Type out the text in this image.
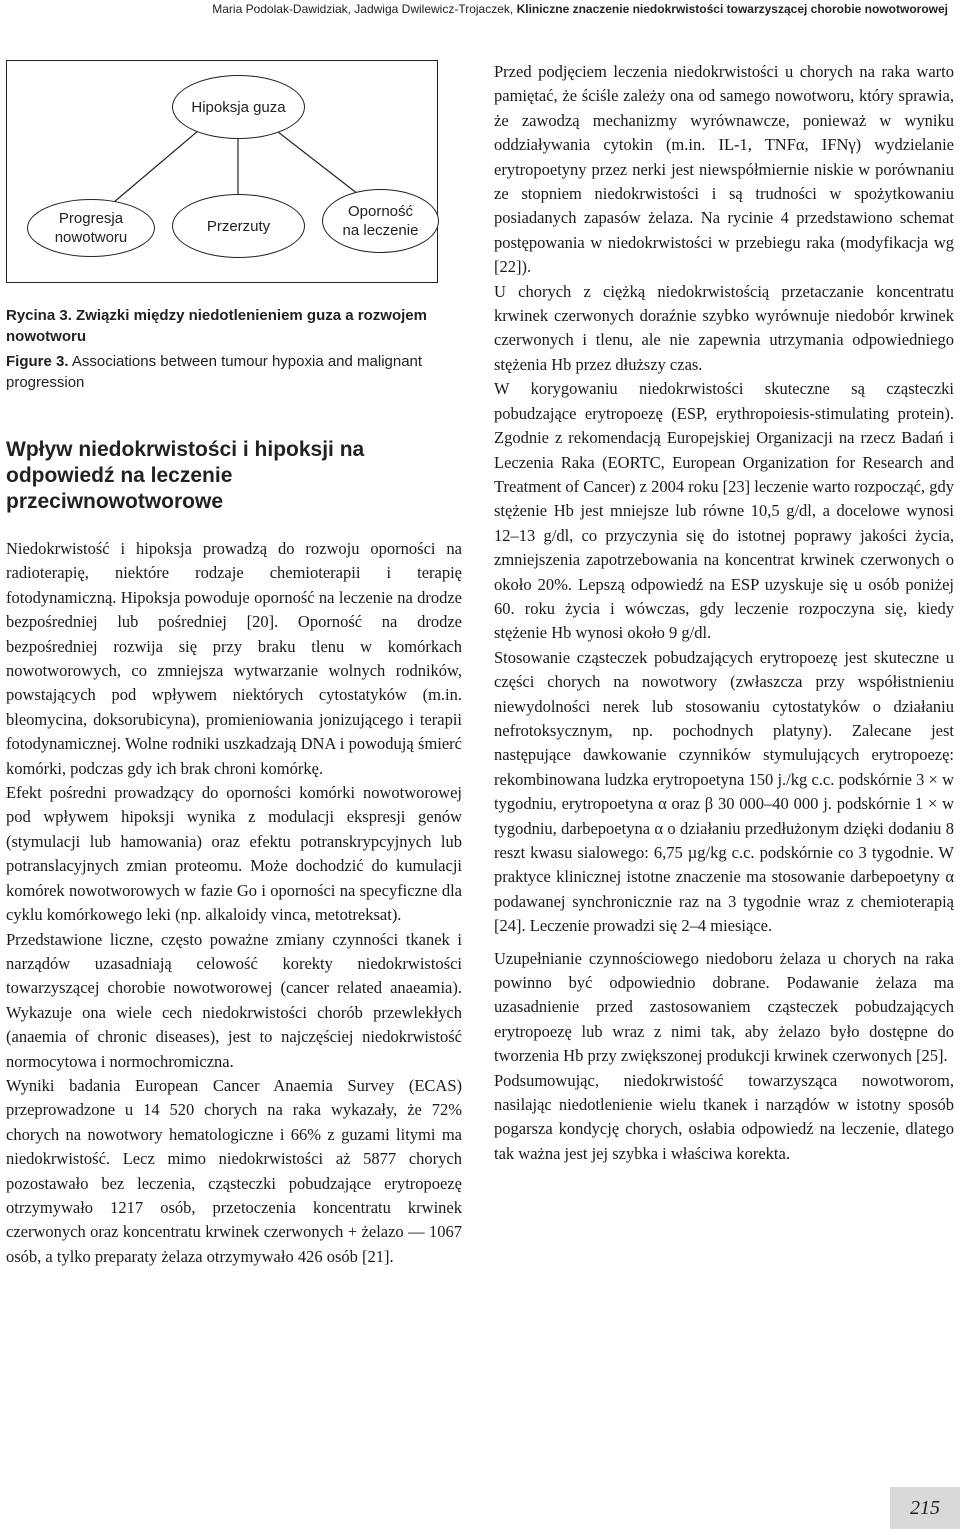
Maria Podolak-Dawidziak, Jadwiga Dwilewicz-Trojaczek, Kliniczne znaczenie niedokrwistości towarzyszącej chorobie nowotworowej
Hipoksja guza
Progresja
nowotworu
Przerzuty
Oporność
na leczenie
Rycina 3. Związki między niedotlenieniem guza a rozwojem nowotworu
Figure 3. Associations between tumour hypoxia and malignant progression
Wpływ niedokrwistości i hipoksji na odpowiedź na leczenie przeciwnowotworowe

Niedokrwistość i hipoksja prowadzą do rozwoju oporności na radioterapię, niektóre rodzaje chemioterapii i terapię fotodynamiczną. Hipoksja powoduje oporność na leczenie na drodze bezpośredniej lub pośredniej [20]. Oporność na drodze bezpośredniej rozwija się przy braku tlenu w komórkach nowotworowych, co zmniejsza wytwarzanie wolnych rodników, powstających pod wpływem niektórych cytostatyków (m.in. bleomycina, doksorubicyna), promieniowania jonizującego i terapii fotodynamicznej. Wolne rodniki uszkadzają DNA i powodują śmierć komórki, podczas gdy ich brak chroni komórkę.

Efekt pośredni prowadzący do oporności komórki nowotworowej pod wpływem hipoksji wynika z modulacji ekspresji genów (stymulacji lub hamowania) oraz efektu potranskrypcyjnych lub potranslacyjnych zmian proteomu. Może dochodzić do kumulacji komórek nowotworowych w fazie Go i oporności na specyficzne dla cyklu komórkowego leki (np. alkaloidy vinca, metotreksat).

Przedstawione liczne, często poważne zmiany czynności tkanek i narządów uzasadniają celowość korekty niedokrwistości towarzyszącej chorobie nowotworowej (cancer related anaeamia). Wykazuje ona wiele cech niedokrwistości chorób przewlekłych (anaemia of chronic diseases), jest to najczęściej niedokrwistość normocytowa i normochromiczna.

Wyniki badania European Cancer Anaemia Survey (ECAS) przeprowadzone u 14 520 chorych na raka wykazały, że 72% chorych na nowotwory hematologiczne i 66% z guzami litymi ma niedokrwistość. Lecz mimo niedokrwistości aż 5877 chorych pozostawało bez leczenia, cząsteczki pobudzające erytropoezę otrzymywało 1217 osób, przetoczenia koncentratu krwinek czerwonych oraz koncentratu krwinek czerwonych + żelazo — 1067 osób, a tylko preparaty żelaza otrzymywało 426 osób [21].

Przed podjęciem leczenia niedokrwistości u chorych na raka warto pamiętać, że ściśle zależy ona od samego nowotworu, który sprawia, że zawodzą mechanizmy wyrównawcze, ponieważ w wyniku oddziaływania cytokin (m.in. IL-1, TNFα, IFNγ) wydzielanie erytropoetyny przez nerki jest niewspółmiernie niskie w porównaniu ze stopniem niedokrwistości i są trudności w spożytkowaniu posiadanych zapasów żelaza. Na rycinie 4 przedstawiono schemat postępowania w niedokrwistości w przebiegu raka (modyfikacja wg [22]).

U chorych z ciężką niedokrwistością przetaczanie koncentratu krwinek czerwonych doraźnie szybko wyrównuje niedobór krwinek czerwonych i tlenu, ale nie zapewnia utrzymania odpowiedniego stężenia Hb przez dłuższy czas.

W korygowaniu niedokrwistości skuteczne są cząsteczki pobudzające erytropoezę (ESP, erythropoiesis-stimulating protein). Zgodnie z rekomendacją Europejskiej Organizacji na rzecz Badań i Leczenia Raka (EORTC, European Organization for Research and Treatment of Cancer) z 2004 roku [23] leczenie warto rozpocząć, gdy stężenie Hb jest mniejsze lub równe 10,5 g/dl, a docelowe wynosi 12–13 g/dl, co przyczynia się do istotnej poprawy jakości życia, zmniejszenia zapotrzebowania na koncentrat krwinek czerwonych o około 20%. Lepszą odpowiedź na ESP uzyskuje się u osób poniżej 60. roku życia i wówczas, gdy leczenie rozpoczyna się, kiedy stężenie Hb wynosi około 9 g/dl.

Stosowanie cząsteczek pobudzających erytropoezę jest skuteczne u części chorych na nowotwory (zwłaszcza przy współistnieniu niewydolności nerek lub stosowaniu cytostatyków o działaniu nefrotoksycznym, np. pochodnych platyny). Zalecane jest następujące dawkowanie czynników stymulujących erytropoezę: rekombinowana ludzka erytropoetyna 150 j./kg c.c. podskórnie 3 × w tygodniu, erytropoetyna α oraz β 30 000–40 000 j. podskórnie 1 × w tygodniu, darbepoetyna α o działaniu przedłużonym dzięki dodaniu 8 reszt kwasu sialowego: 6,75 µg/kg c.c. podskórnie co 3 tygodnie. W praktyce klinicznej istotne znaczenie ma stosowanie darbepoetyny α podawanej synchronicznie raz na 3 tygodnie wraz z chemioterapią [24]. Leczenie prowadzi się 2–4 miesiące.

Uzupełnianie czynnościowego niedoboru żelaza u chorych na raka powinno być odpowiednio dobrane. Podawanie żelaza ma uzasadnienie przed zastosowaniem cząsteczek pobudzających erytropoezę lub wraz z nimi tak, aby żelazo było dostępne do tworzenia Hb przy zwiększonej produkcji krwinek czerwonych [25].

Podsumowując, niedokrwistość towarzysząca nowotworom, nasilając niedotlenienie wielu tkanek i narządów w istotny sposób pogarsza kondycję chorych, osłabia odpowiedź na leczenie, dlatego tak ważna jest jej szybka i właściwa korekta.

215
